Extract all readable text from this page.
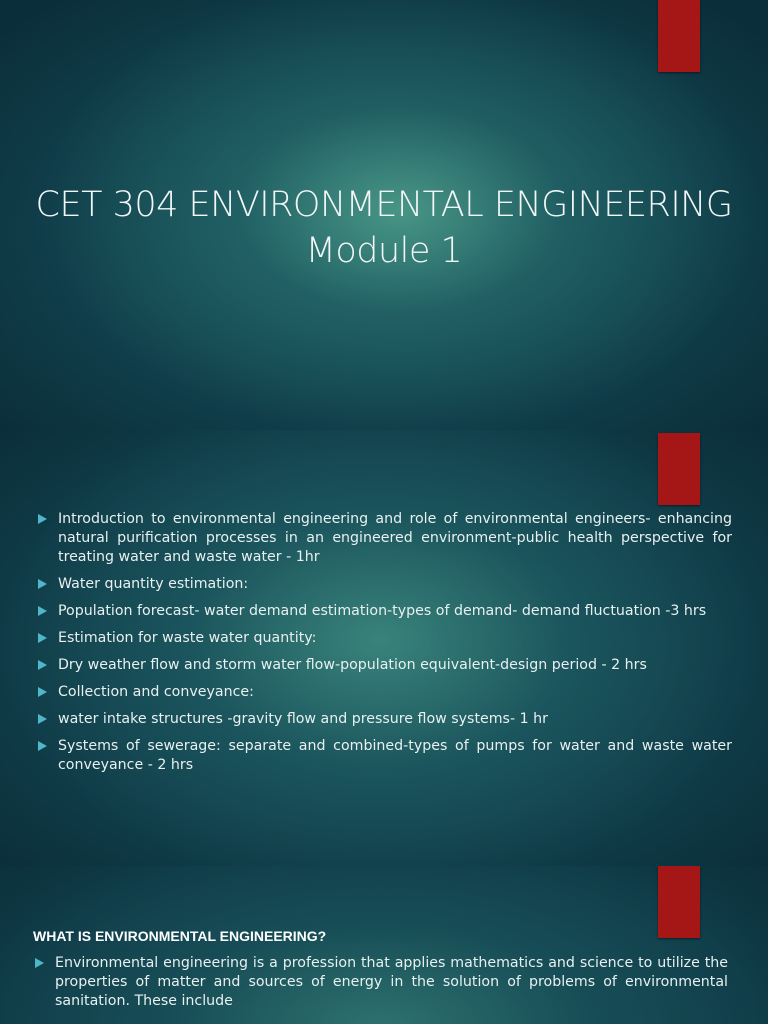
CET 304 ENVIRONMENTAL ENGINEERING
Module 1
Introduction to environmental engineering and role of environmental engineers- enhancing natural purification processes in an engineered environment-public health perspective for treating water and waste water - 1hr
Water quantity estimation:
Population forecast- water demand estimation-types of demand- demand fluctuation -3 hrs
Estimation for waste water quantity:
Dry weather flow and storm water flow-population equivalent-design period - 2 hrs
Collection and conveyance:
water intake structures -gravity flow and pressure flow systems- 1 hr
Systems of sewerage: separate and combined-types of pumps for water and waste water conveyance - 2 hrs
WHAT IS ENVIRONMENTAL ENGINEERING?
Environmental engineering is a profession that applies mathematics and science to utilize the properties of matter and sources of energy in the solution of problems of environmental sanitation. These include
